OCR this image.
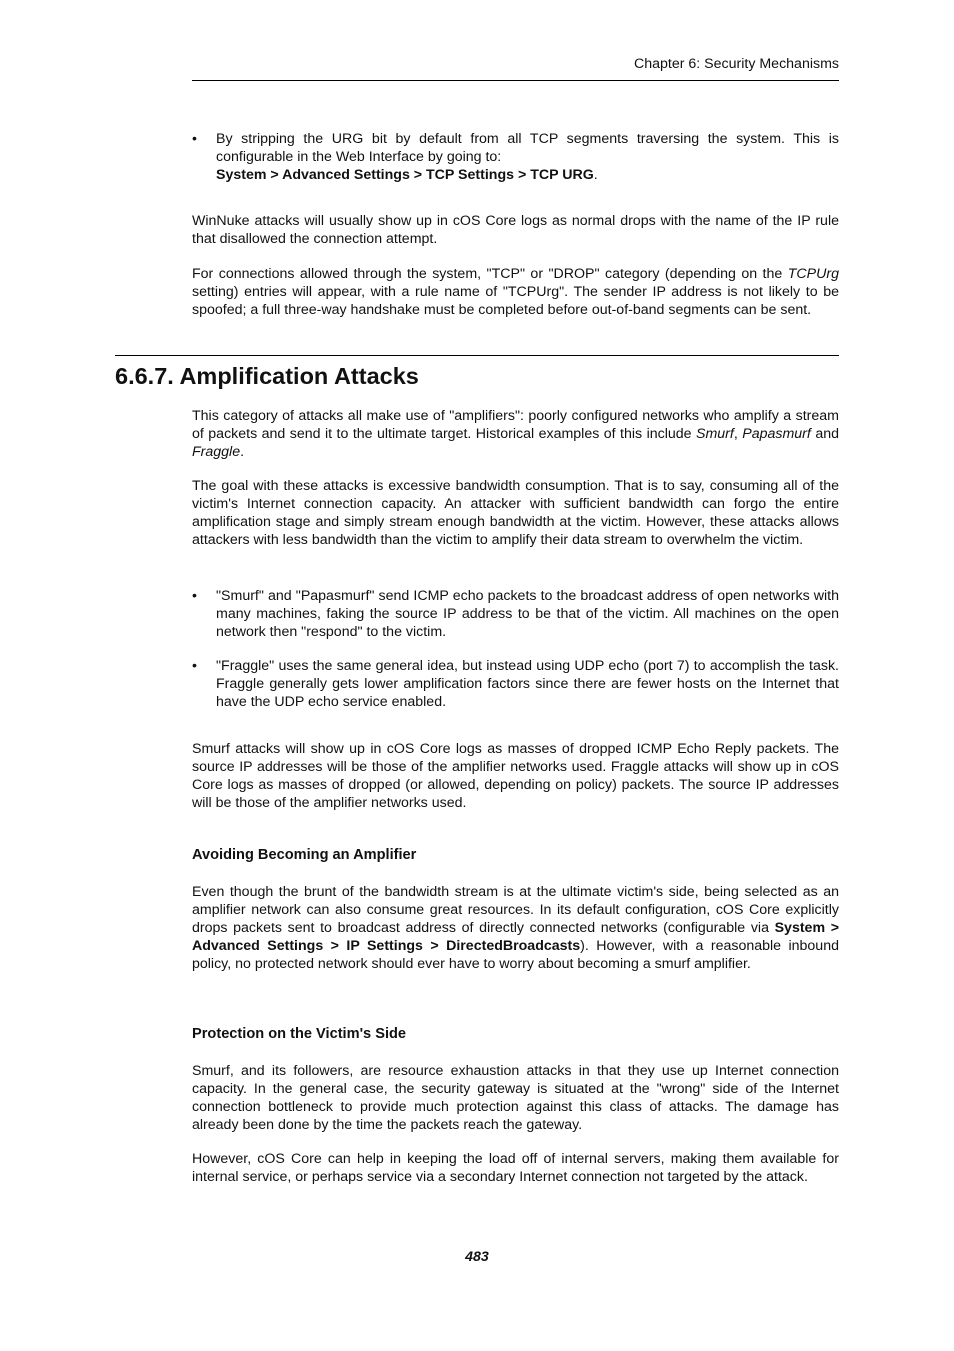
Chapter 6: Security Mechanisms
•	By stripping the URG bit by default from all TCP segments traversing the system. This is configurable in the Web Interface by going to:
System > Advanced Settings > TCP Settings > TCP URG.

WinNuke attacks will usually show up in cOS Core logs as normal drops with the name of the IP rule that disallowed the connection attempt.

For connections allowed through the system, "TCP" or "DROP" category (depending on the TCPUrg setting) entries will appear, with a rule name of "TCPUrg". The sender IP address is not likely to be spoofed; a full three-way handshake must be completed before out-of-band segments can be sent.

6.6.7. Amplification Attacks

This category of attacks all make use of "amplifiers": poorly configured networks who amplify a stream of packets and send it to the ultimate target. Historical examples of this include Smurf, Papasmurf and Fraggle.

The goal with these attacks is excessive bandwidth consumption. That is to say, consuming all of the victim's Internet connection capacity. An attacker with sufficient bandwidth can forgo the entire amplification stage and simply stream enough bandwidth at the victim. However, these attacks allows attackers with less bandwidth than the victim to amplify their data stream to overwhelm the victim.

•	"Smurf" and "Papasmurf" send ICMP echo packets to the broadcast address of open networks with many machines, faking the source IP address to be that of the victim. All machines on the open network then "respond" to the victim.
•	"Fraggle" uses the same general idea, but instead using UDP echo (port 7) to accomplish the task. Fraggle generally gets lower amplification factors since there are fewer hosts on the Internet that have the UDP echo service enabled.

Smurf attacks will show up in cOS Core logs as masses of dropped ICMP Echo Reply packets. The source IP addresses will be those of the amplifier networks used. Fraggle attacks will show up in cOS Core logs as masses of dropped (or allowed, depending on policy) packets. The source IP addresses will be those of the amplifier networks used.

Avoiding Becoming an Amplifier

Even though the brunt of the bandwidth stream is at the ultimate victim's side, being selected as an amplifier network can also consume great resources. In its default configuration, cOS Core explicitly drops packets sent to broadcast address of directly connected networks (configurable via System > Advanced Settings > IP Settings > DirectedBroadcasts). However, with a reasonable inbound policy, no protected network should ever have to worry about becoming a smurf amplifier.

Protection on the Victim's Side

Smurf, and its followers, are resource exhaustion attacks in that they use up Internet connection capacity. In the general case, the security gateway is situated at the "wrong" side of the Internet connection bottleneck to provide much protection against this class of attacks. The damage has already been done by the time the packets reach the gateway.

However, cOS Core can help in keeping the load off of internal servers, making them available for internal service, or perhaps service via a secondary Internet connection not targeted by the attack.

483
